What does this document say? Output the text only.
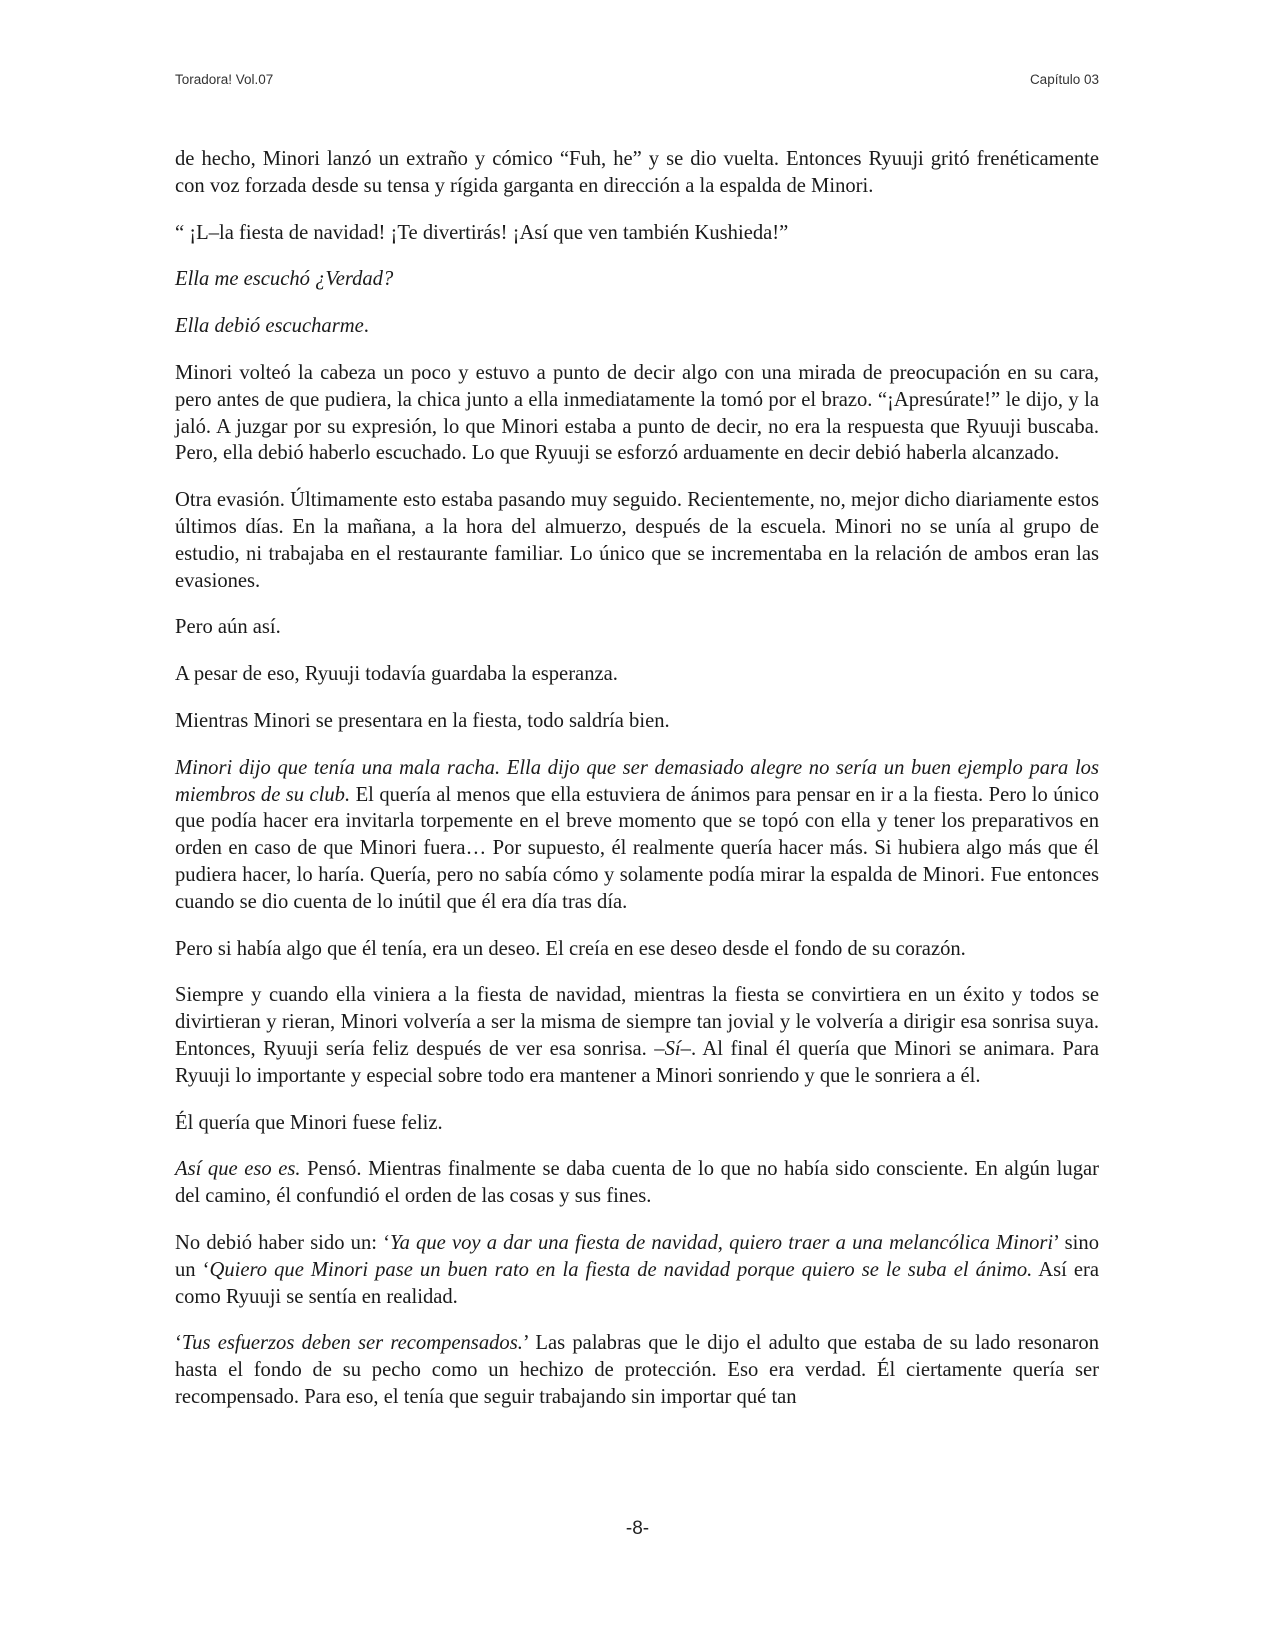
Toradora! Vol.07	Capítulo 03

de hecho, Minori lanzó un extraño y cómico “Fuh, he” y se dio vuelta. Entonces Ryuuji gritó frenéticamente con voz forzada desde su tensa y rígida garganta en dirección a la espalda de Minori.

“ ¡L–la fiesta de navidad! ¡Te divertirás! ¡Así que ven también Kushieda!”

Ella me escuchó ¿Verdad?

Ella debió escucharme.

Minori volteó la cabeza un poco y estuvo a punto de decir algo con una mirada de preocupación en su cara, pero antes de que pudiera, la chica junto a ella inmediatamente la tomó por el brazo. “¡Apresúrate!” le dijo, y la jaló. A juzgar por su expresión, lo que Minori estaba a punto de decir, no era la respuesta que Ryuuji buscaba. Pero, ella debió haberlo escuchado. Lo que Ryuuji se esforzó arduamente en decir debió haberla alcanzado.

Otra evasión. Últimamente esto estaba pasando muy seguido. Recientemente, no, mejor dicho diariamente estos últimos días. En la mañana, a la hora del almuerzo, después de la escuela. Minori no se unía al grupo de estudio, ni trabajaba en el restaurante familiar. Lo único que se incrementaba en la relación de ambos eran las evasiones.

Pero aún así.

A pesar de eso, Ryuuji todavía guardaba la esperanza.

Mientras Minori se presentara en la fiesta, todo saldría bien.

Minori dijo que tenía una mala racha. Ella dijo que ser demasiado alegre no sería un buen ejemplo para los miembros de su club. El quería al menos que ella estuviera de ánimos para pensar en ir a la fiesta. Pero lo único que podía hacer era invitarla torpemente en el breve momento que se topó con ella y tener los preparativos en orden en caso de que Minori fuera… Por supuesto, él realmente quería hacer más. Si hubiera algo más que él pudiera hacer, lo haría. Quería, pero no sabía cómo y solamente podía mirar la espalda de Minori. Fue entonces cuando se dio cuenta de lo inútil que él era día tras día.

Pero si había algo que él tenía, era un deseo. El creía en ese deseo desde el fondo de su corazón.

Siempre y cuando ella viniera a la fiesta de navidad, mientras la fiesta se convirtiera en un éxito y todos se divirtieran y rieran, Minori volvería a ser la misma de siempre tan jovial y le volvería a dirigir esa sonrisa suya. Entonces, Ryuuji sería feliz después de ver esa sonrisa. –Sí–. Al final él quería que Minori se animara. Para Ryuuji lo importante y especial sobre todo era mantener a Minori sonriendo y que le sonriera a él.

Él quería que Minori fuese feliz.

Así que eso es. Pensó. Mientras finalmente se daba cuenta de lo que no había sido consciente. En algún lugar del camino, él confundió el orden de las cosas y sus fines.

No debió haber sido un: ‘Ya que voy a dar una fiesta de navidad, quiero traer a una melancólica Minori’ sino un ‘Quiero que Minori pase un buen rato en la fiesta de navidad porque quiero se le suba el ánimo. Así era como Ryuuji se sentía en realidad.

‘Tus esfuerzos deben ser recompensados.’ Las palabras que le dijo el adulto que estaba de su lado resonaron hasta el fondo de su pecho como un hechizo de protección. Eso era verdad. Él ciertamente quería ser recompensado. Para eso, el tenía que seguir trabajando sin importar qué tan

-8-
